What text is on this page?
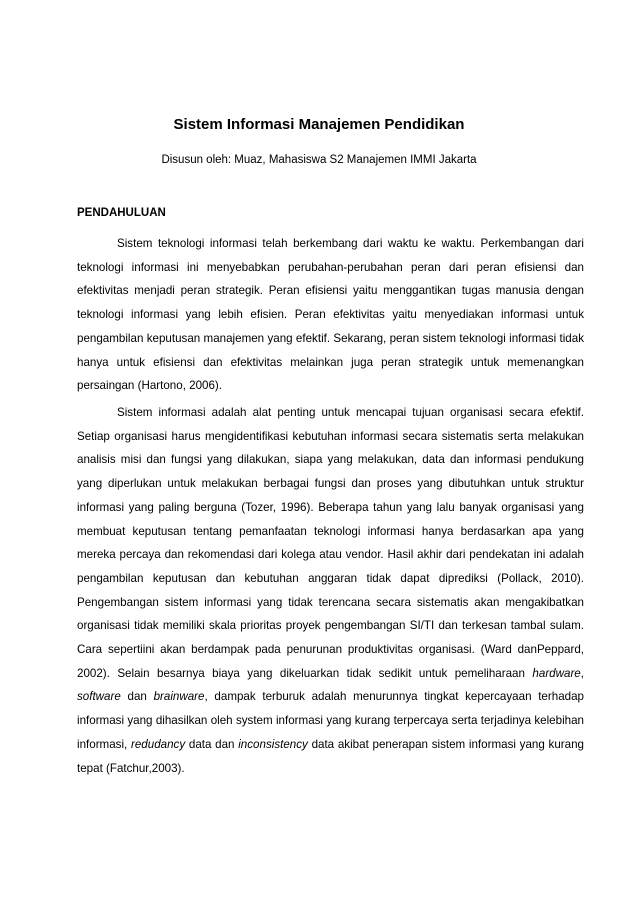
Sistem Informasi Manajemen Pendidikan
Disusun oleh: Muaz, Mahasiswa S2 Manajemen IMMI Jakarta
PENDAHULUAN

Sistem teknologi informasi telah berkembang dari waktu ke waktu. Perkembangan dari teknologi informasi ini menyebabkan perubahan-perubahan peran dari peran efisiensi dan efektivitas menjadi peran strategik. Peran efisiensi yaitu menggantikan tugas manusia dengan teknologi informasi yang lebih efisien. Peran efektivitas yaitu menyediakan informasi untuk pengambilan keputusan manajemen yang efektif. Sekarang, peran sistem teknologi informasi tidak hanya untuk efisiensi dan efektivitas melainkan juga peran strategik untuk memenangkan persaingan (Hartono, 2006).

Sistem informasi adalah alat penting untuk mencapai tujuan organisasi secara efektif. Setiap organisasi harus mengidentifikasi kebutuhan informasi secara sistematis serta melakukan analisis misi dan fungsi yang dilakukan, siapa yang melakukan, data dan informasi pendukung yang diperlukan untuk melakukan berbagai fungsi dan proses yang dibutuhkan untuk struktur informasi yang paling berguna (Tozer, 1996). Beberapa tahun yang lalu banyak organisasi yang membuat keputusan tentang pemanfaatan teknologi informasi hanya berdasarkan apa yang mereka percaya dan rekomendasi dari kolega atau vendor. Hasil akhir dari pendekatan ini adalah pengambilan keputusan dan kebutuhan anggaran tidak dapat diprediksi (Pollack, 2010). Pengembangan sistem informasi yang tidak terencana secara sistematis akan mengakibatkan organisasi tidak memiliki skala prioritas proyek pengembangan SI/TI dan terkesan tambal sulam. Cara sepertiini akan berdampak pada penurunan produktivitas organisasi. (Ward danPeppard, 2002). Selain besarnya biaya yang dikeluarkan tidak sedikit untuk pemeliharaan hardware, software dan brainware, dampak terburuk adalah menurunnya tingkat kepercayaan terhadap informasi yang dihasilkan oleh system informasi yang kurang terpercaya serta terjadinya kelebihan informasi, redudancy data dan inconsistency data akibat penerapan sistem informasi yang kurang tepat (Fatchur,2003).
